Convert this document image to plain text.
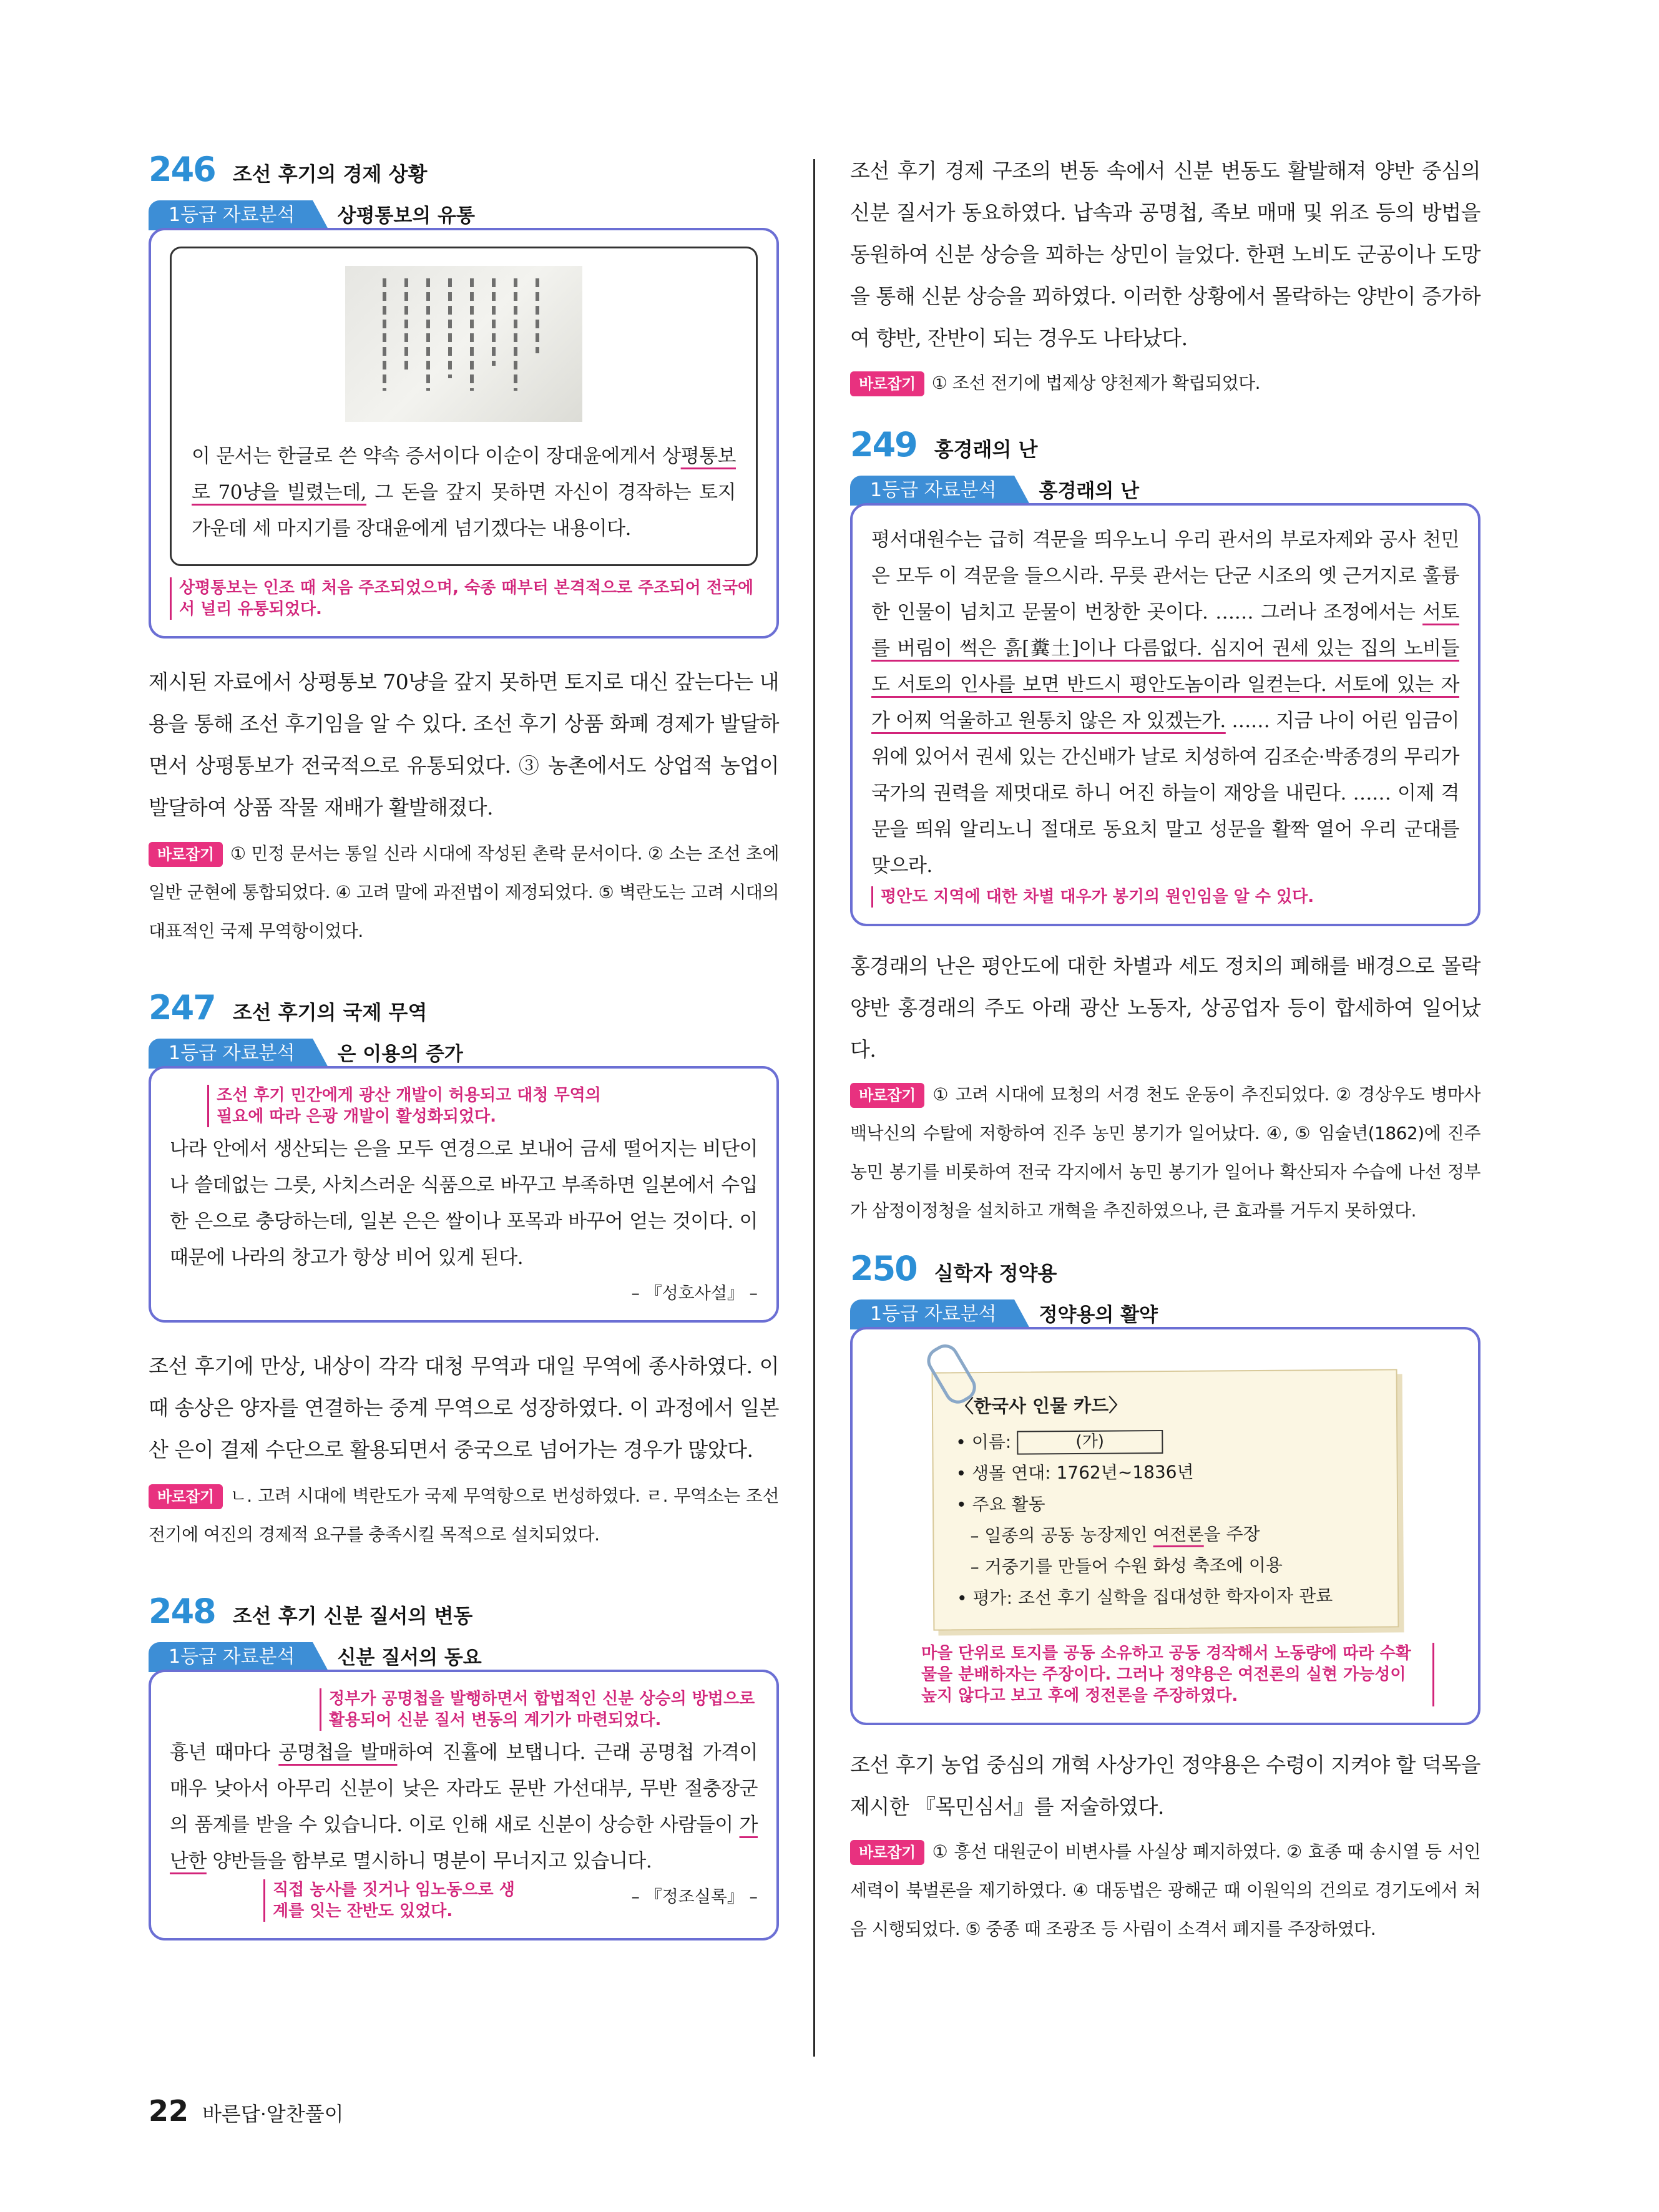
246 조선 후기의 경제 상황
1등급 자료분석	상평통보의 유통
이 문서는 한글로 쓴 약속 증서이다 이순이 장대윤에게서 상평통보로 70냥을 빌렸는데, 그 돈을 갚지 못하면 자신이 경작하는 토지 가운데 세 마지기를 장대윤에게 넘기겠다는 내용이다.
상평통보는 인조 때 처음 주조되었으며, 숙종 때부터 본격적으로 주조되어 전국에서 널리 유통되었다.

제시된 자료에서 상평통보 70냥을 갚지 못하면 토지로 대신 갚는다는 내용을 통해 조선 후기임을 알 수 있다. 조선 후기 상품 화폐 경제가 발달하면서 상평통보가 전국적으로 유통되었다. ③ 농촌에서도 상업적 농업이 발달하여 상품 작물 재배가 활발해졌다.

바로잡기 ① 민정 문서는 통일 신라 시대에 작성된 촌락 문서이다. ② 소는 조선 초에 일반 군현에 통합되었다. ④ 고려 말에 과전법이 제정되었다. ⑤ 벽란도는 고려 시대의 대표적인 국제 무역항이었다.
247 조선 후기의 국제 무역
1등급 자료분석	은 이용의 증가
조선 후기 민간에게 광산 개발이 허용되고 대청 무역의 필요에 따라 은광 개발이 활성화되었다.
나라 안에서 생산되는 은을 모두 연경으로 보내어 금세 떨어지는 비단이나 쓸데없는 그릇, 사치스러운 식품으로 바꾸고 부족하면 일본에서 수입한 은으로 충당하는데, 일본 은은 쌀이나 포목과 바꾸어 얻는 것이다. 이 때문에 나라의 창고가 항상 비어 있게 된다.
– 『성호사설』 –

조선 후기에 만상, 내상이 각각 대청 무역과 대일 무역에 종사하였다. 이때 송상은 양자를 연결하는 중계 무역으로 성장하였다. 이 과정에서 일본산 은이 결제 수단으로 활용되면서 중국으로 넘어가는 경우가 많았다.

바로잡기 ㄴ. 고려 시대에 벽란도가 국제 무역항으로 번성하였다. ㄹ. 무역소는 조선 전기에 여진의 경제적 요구를 충족시킬 목적으로 설치되었다.
248 조선 후기 신분 질서의 변동
1등급 자료분석	신분 질서의 동요
정부가 공명첩을 발행하면서 합법적인 신분 상승의 방법으로 활용되어 신분 질서 변동의 계기가 마련되었다.
흉년 때마다 공명첩을 발매하여 진휼에 보탭니다. 근래 공명첩 가격이 매우 낮아서 아무리 신분이 낮은 자라도 문반 가선대부, 무반 절충장군의 품계를 받을 수 있습니다. 이로 인해 새로 신분이 상승한 사람들이 가난한 양반들을 함부로 멸시하니 명분이 무너지고 있습니다.
직접 농사를 짓거나 임노동으로 생계를 잇는 잔반도 있었다.
– 『정조실록』 –

조선 후기 경제 구조의 변동 속에서 신분 변동도 활발해져 양반 중심의 신분 질서가 동요하였다. 납속과 공명첩, 족보 매매 및 위조 등의 방법을 동원하여 신분 상승을 꾀하는 상민이 늘었다. 한편 노비도 군공이나 도망을 통해 신분 상승을 꾀하였다. 이러한 상황에서 몰락하는 양반이 증가하여 향반, 잔반이 되는 경우도 나타났다.

바로잡기 ① 조선 전기에 법제상 양천제가 확립되었다.
249 홍경래의 난
1등급 자료분석	홍경래의 난
평서대원수는 급히 격문을 띄우노니 우리 관서의 부로자제와 공사 천민은 모두 이 격문을 들으시라. 무릇 관서는 단군 시조의 옛 근거지로 훌륭한 인물이 넘치고 문물이 번창한 곳이다. …… 그러나 조정에서는 서토를 버림이 썩은 흙[糞土]이나 다름없다. 심지어 권세 있는 집의 노비들도 서토의 인사를 보면 반드시 평안도놈이라 일컫는다. 서토에 있는 자가 어찌 억울하고 원통치 않은 자 있겠는가. …… 지금 나이 어린 임금이 위에 있어서 권세 있는 간신배가 날로 치성하여 김조순·박종경의 무리가 국가의 권력을 제멋대로 하니 어진 하늘이 재앙을 내린다. …… 이제 격문을 띄워 알리노니 절대로 동요치 말고 성문을 활짝 열어 우리 군대를 맞으라.
평안도 지역에 대한 차별 대우가 봉기의 원인임을 알 수 있다.

홍경래의 난은 평안도에 대한 차별과 세도 정치의 폐해를 배경으로 몰락 양반 홍경래의 주도 아래 광산 노동자, 상공업자 등이 합세하여 일어났다.

바로잡기 ① 고려 시대에 묘청의 서경 천도 운동이 추진되었다. ② 경상우도 병마사 백낙신의 수탈에 저항하여 진주 농민 봉기가 일어났다. ④, ⑤ 임술년(1862)에 진주 농민 봉기를 비롯하여 전국 각지에서 농민 봉기가 일어나 확산되자 수습에 나선 정부가 삼정이정청을 설치하고 개혁을 추진하였으나, 큰 효과를 거두지 못하였다.
250 실학자 정약용
1등급 자료분석	정약용의 활약
〈한국사 인물 카드〉
• 이름:	(가)
• 생몰 연대: 1762년~1836년
• 주요 활동
– 일종의 공동 농장제인 여전론을 주장
– 거중기를 만들어 수원 화성 축조에 이용
• 평가: 조선 후기 실학을 집대성한 학자이자 관료
마을 단위로 토지를 공동 소유하고 공동 경작해서 노동량에 따라 수확물을 분배하자는 주장이다. 그러나 정약용은 여전론의 실현 가능성이 높지 않다고 보고 후에 정전론을 주장하였다.

조선 후기 농업 중심의 개혁 사상가인 정약용은 수령이 지켜야 할 덕목을 제시한 『목민심서』를 저술하였다.

바로잡기 ① 흥선 대원군이 비변사를 사실상 폐지하였다. ② 효종 때 송시열 등 서인 세력이 북벌론을 제기하였다. ④ 대동법은 광해군 때 이원익의 건의로 경기도에서 처음 시행되었다. ⑤ 중종 때 조광조 등 사림이 소격서 폐지를 주장하였다.
22 바른답·알찬풀이
